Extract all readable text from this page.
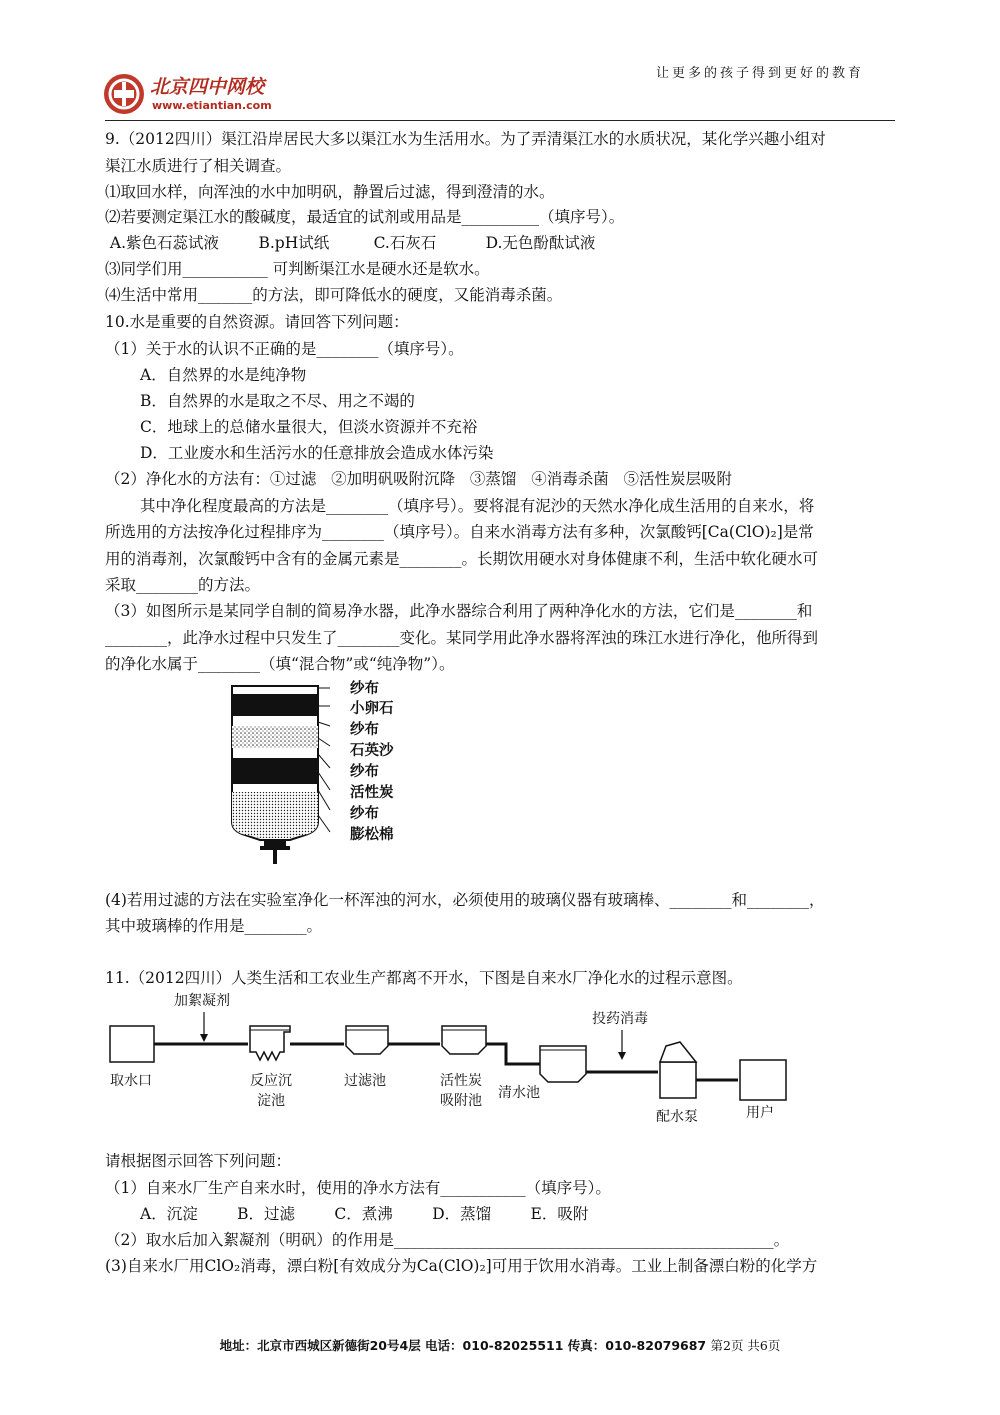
让更多的孩子得到更好的教育
北京四中网校
www.etiantian.com
9.（2012四川）渠江沿岸居民大多以渠江水为生活用水。为了弄清渠江水的水质状况，某化学兴趣小组对
渠江水质进行了相关调查。
⑴取回水样，向浑浊的水中加明矾，静置后过滤，得到澄清的水。
⑵若要测定渠江水的酸碱度，最适宜的试剂或用品是__________（填序号）。
A.紫色石蕊试液        B.pH试纸         C.石灰石          D.无色酚酞试液
⑶同学们用___________ 可判断渠江水是硬水还是软水。
⑷生活中常用_______的方法，即可降低水的硬度，又能消毒杀菌。
10.水是重要的自然资源。请回答下列问题：
（1）关于水的认识不正确的是________（填序号）。
A．自然界的水是纯净物
B．自然界的水是取之不尽、用之不竭的
C．地球上的总储水量很大，但淡水资源并不充裕
D．工业废水和生活污水的任意排放会造成水体污染
（2）净化水的方法有：①过滤   ②加明矾吸附沉降   ③蒸馏   ④消毒杀菌   ⑤活性炭层吸附
其中净化程度最高的方法是________（填序号）。要将混有泥沙的天然水净化成生活用的自来水，将
所选用的方法按净化过程排序为________（填序号）。自来水消毒方法有多种，次氯酸钙[Ca(ClO)₂]是常
用的消毒剂，次氯酸钙中含有的金属元素是________。长期饮用硬水对身体健康不利，生活中软化硬水可
采取________的方法。
（3）如图所示是某同学自制的简易净水器，此净水器综合利用了两种净化水的方法，它们是________和
________，此净水过程中只发生了________变化。某同学用此净水器将浑浊的珠江水进行净化，他所得到
的净化水属于________（填“混合物”或“纯净物”）。
纱布
小卵石
纱布
石英沙
纱布
活性炭
纱布
膨松棉
(4)若用过滤的方法在实验室净化一杯浑浊的河水，必须使用的玻璃仪器有玻璃棒、________和________，
其中玻璃棒的作用是________。
11.（2012四川）人类生活和工农业生产都离不开水，下图是自来水厂净化水的过程示意图。
加絮凝剂
投药消毒
取水口	反应沉
淀池
过滤池	活性炭
吸附池 清水池
配水泵	用户
请根据图示回答下列问题：
（1）自来水厂生产自来水时，使用的净水方法有___________（填序号）。
A．沉淀        B．过滤        C．煮沸        D．蒸馏        E．吸附
（2）取水后加入絮凝剂（明矾）的作用是_________________________________________________。
(3)自来水厂用ClO₂消毒，漂白粉[有效成分为Ca(ClO)₂]可用于饮用水消毒。工业上制备漂白粉的化学方
地址：北京市西城区新德街20号4层 电话：010-82025511 传真：010-82079687 第2页 共6页
